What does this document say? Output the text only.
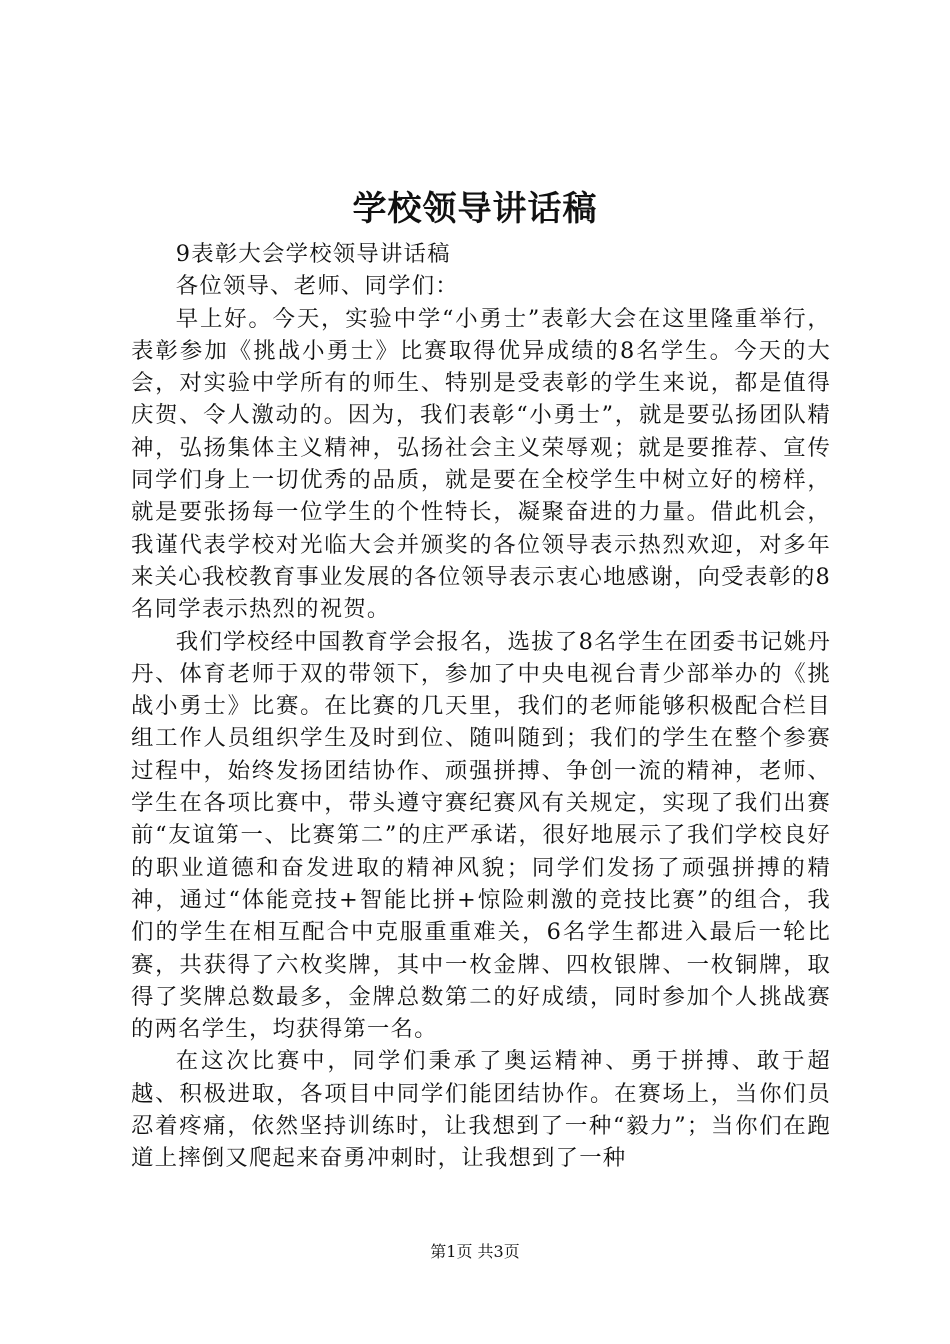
学校领导讲话稿

9表彰大会学校领导讲话稿

各位领导、老师、同学们：

早上好。今天，实验中学“小勇士”表彰大会在这里隆重举行，表彰参加《挑战小勇士》比赛取得优异成绩的8名学生。今天的大会，对实验中学所有的师生、特别是受表彰的学生来说，都是值得庆贺、令人激动的。因为，我们表彰“小勇士”，就是要弘扬团队精神，弘扬集体主义精神，弘扬社会主义荣辱观；就是要推荐、宣传同学们身上一切优秀的品质，就是要在全校学生中树立好的榜样，就是要张扬每一位学生的个性特长，凝聚奋进的力量。借此机会，我谨代表学校对光临大会并颁奖的各位领导表示热烈欢迎，对多年来关心我校教育事业发展的各位领导表示衷心地感谢，向受表彰的8名同学表示热烈的祝贺。

我们学校经中国教育学会报名，选拔了8名学生在团委书记姚丹丹、体育老师于双的带领下，参加了中央电视台青少部举办的《挑战小勇士》比赛。在比赛的几天里，我们的老师能够积极配合栏目组工作人员组织学生及时到位、随叫随到；我们的学生在整个参赛过程中，始终发扬团结协作、顽强拼搏、争创一流的精神，老师、学生在各项比赛中，带头遵守赛纪赛风有关规定，实现了我们出赛前“友谊第一、比赛第二”的庄严承诺，很好地展示了我们学校良好的职业道德和奋发进取的精神风貌；同学们发扬了顽强拼搏的精神，通过“体能竞技+智能比拼+惊险刺激的竞技比赛”的组合，我们的学生在相互配合中克服重重难关，6名学生都进入最后一轮比赛，共获得了六枚奖牌，其中一枚金牌、四枚银牌、一枚铜牌，取得了奖牌总数最多，金牌总数第二的好成绩，同时参加个人挑战赛的两名学生，均获得第一名。

在这次比赛中，同学们秉承了奥运精神、勇于拼搏、敢于超越、积极进取，各项目中同学们能团结协作。在赛场上，当你们员忍着疼痛，依然坚持训练时，让我想到了一种“毅力”；当你们在跑道上摔倒又爬起来奋勇冲刺时，让我想到了一种

第1页 共3页
